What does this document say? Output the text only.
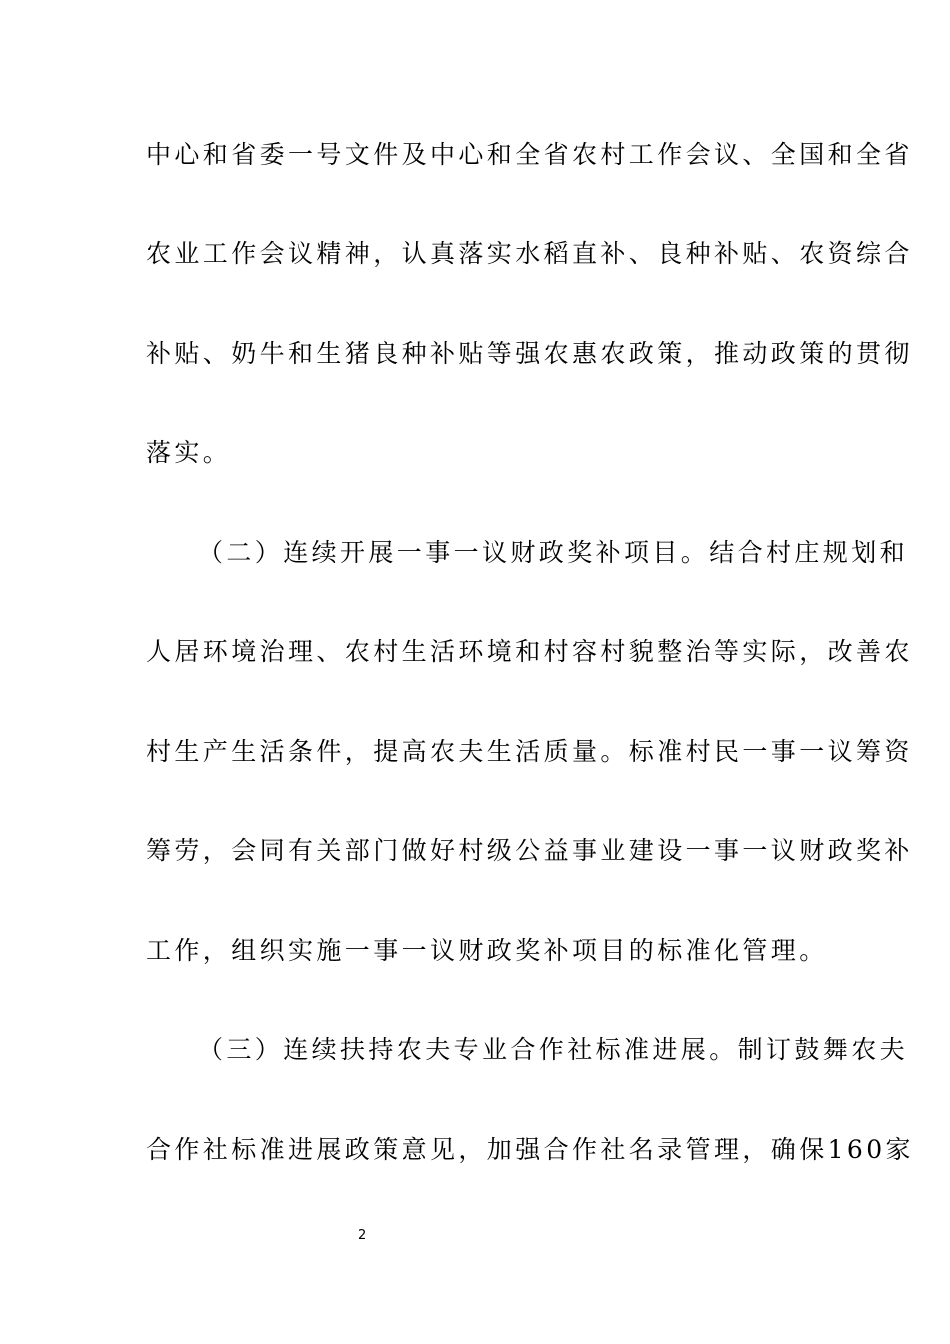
中心和省委一号文件及中心和全省农村工作会议、全国和全省
农业工作会议精神，认真落实水稻直补、良种补贴、农资综合
补贴、奶牛和生猪良种补贴等强农惠农政策，推动政策的贯彻
落实。
（二）连续开展一事一议财政奖补项目。结合村庄规划和
人居环境治理、农村生活环境和村容村貌整治等实际，改善农
村生产生活条件，提高农夫生活质量。标准村民一事一议筹资
筹劳，会同有关部门做好村级公益事业建设一事一议财政奖补
工作，组织实施一事一议财政奖补项目的标准化管理。
（三）连续扶持农夫专业合作社标准进展。制订鼓舞农夫
合作社标准进展政策意见，加强合作社名录管理，确保160家
2
